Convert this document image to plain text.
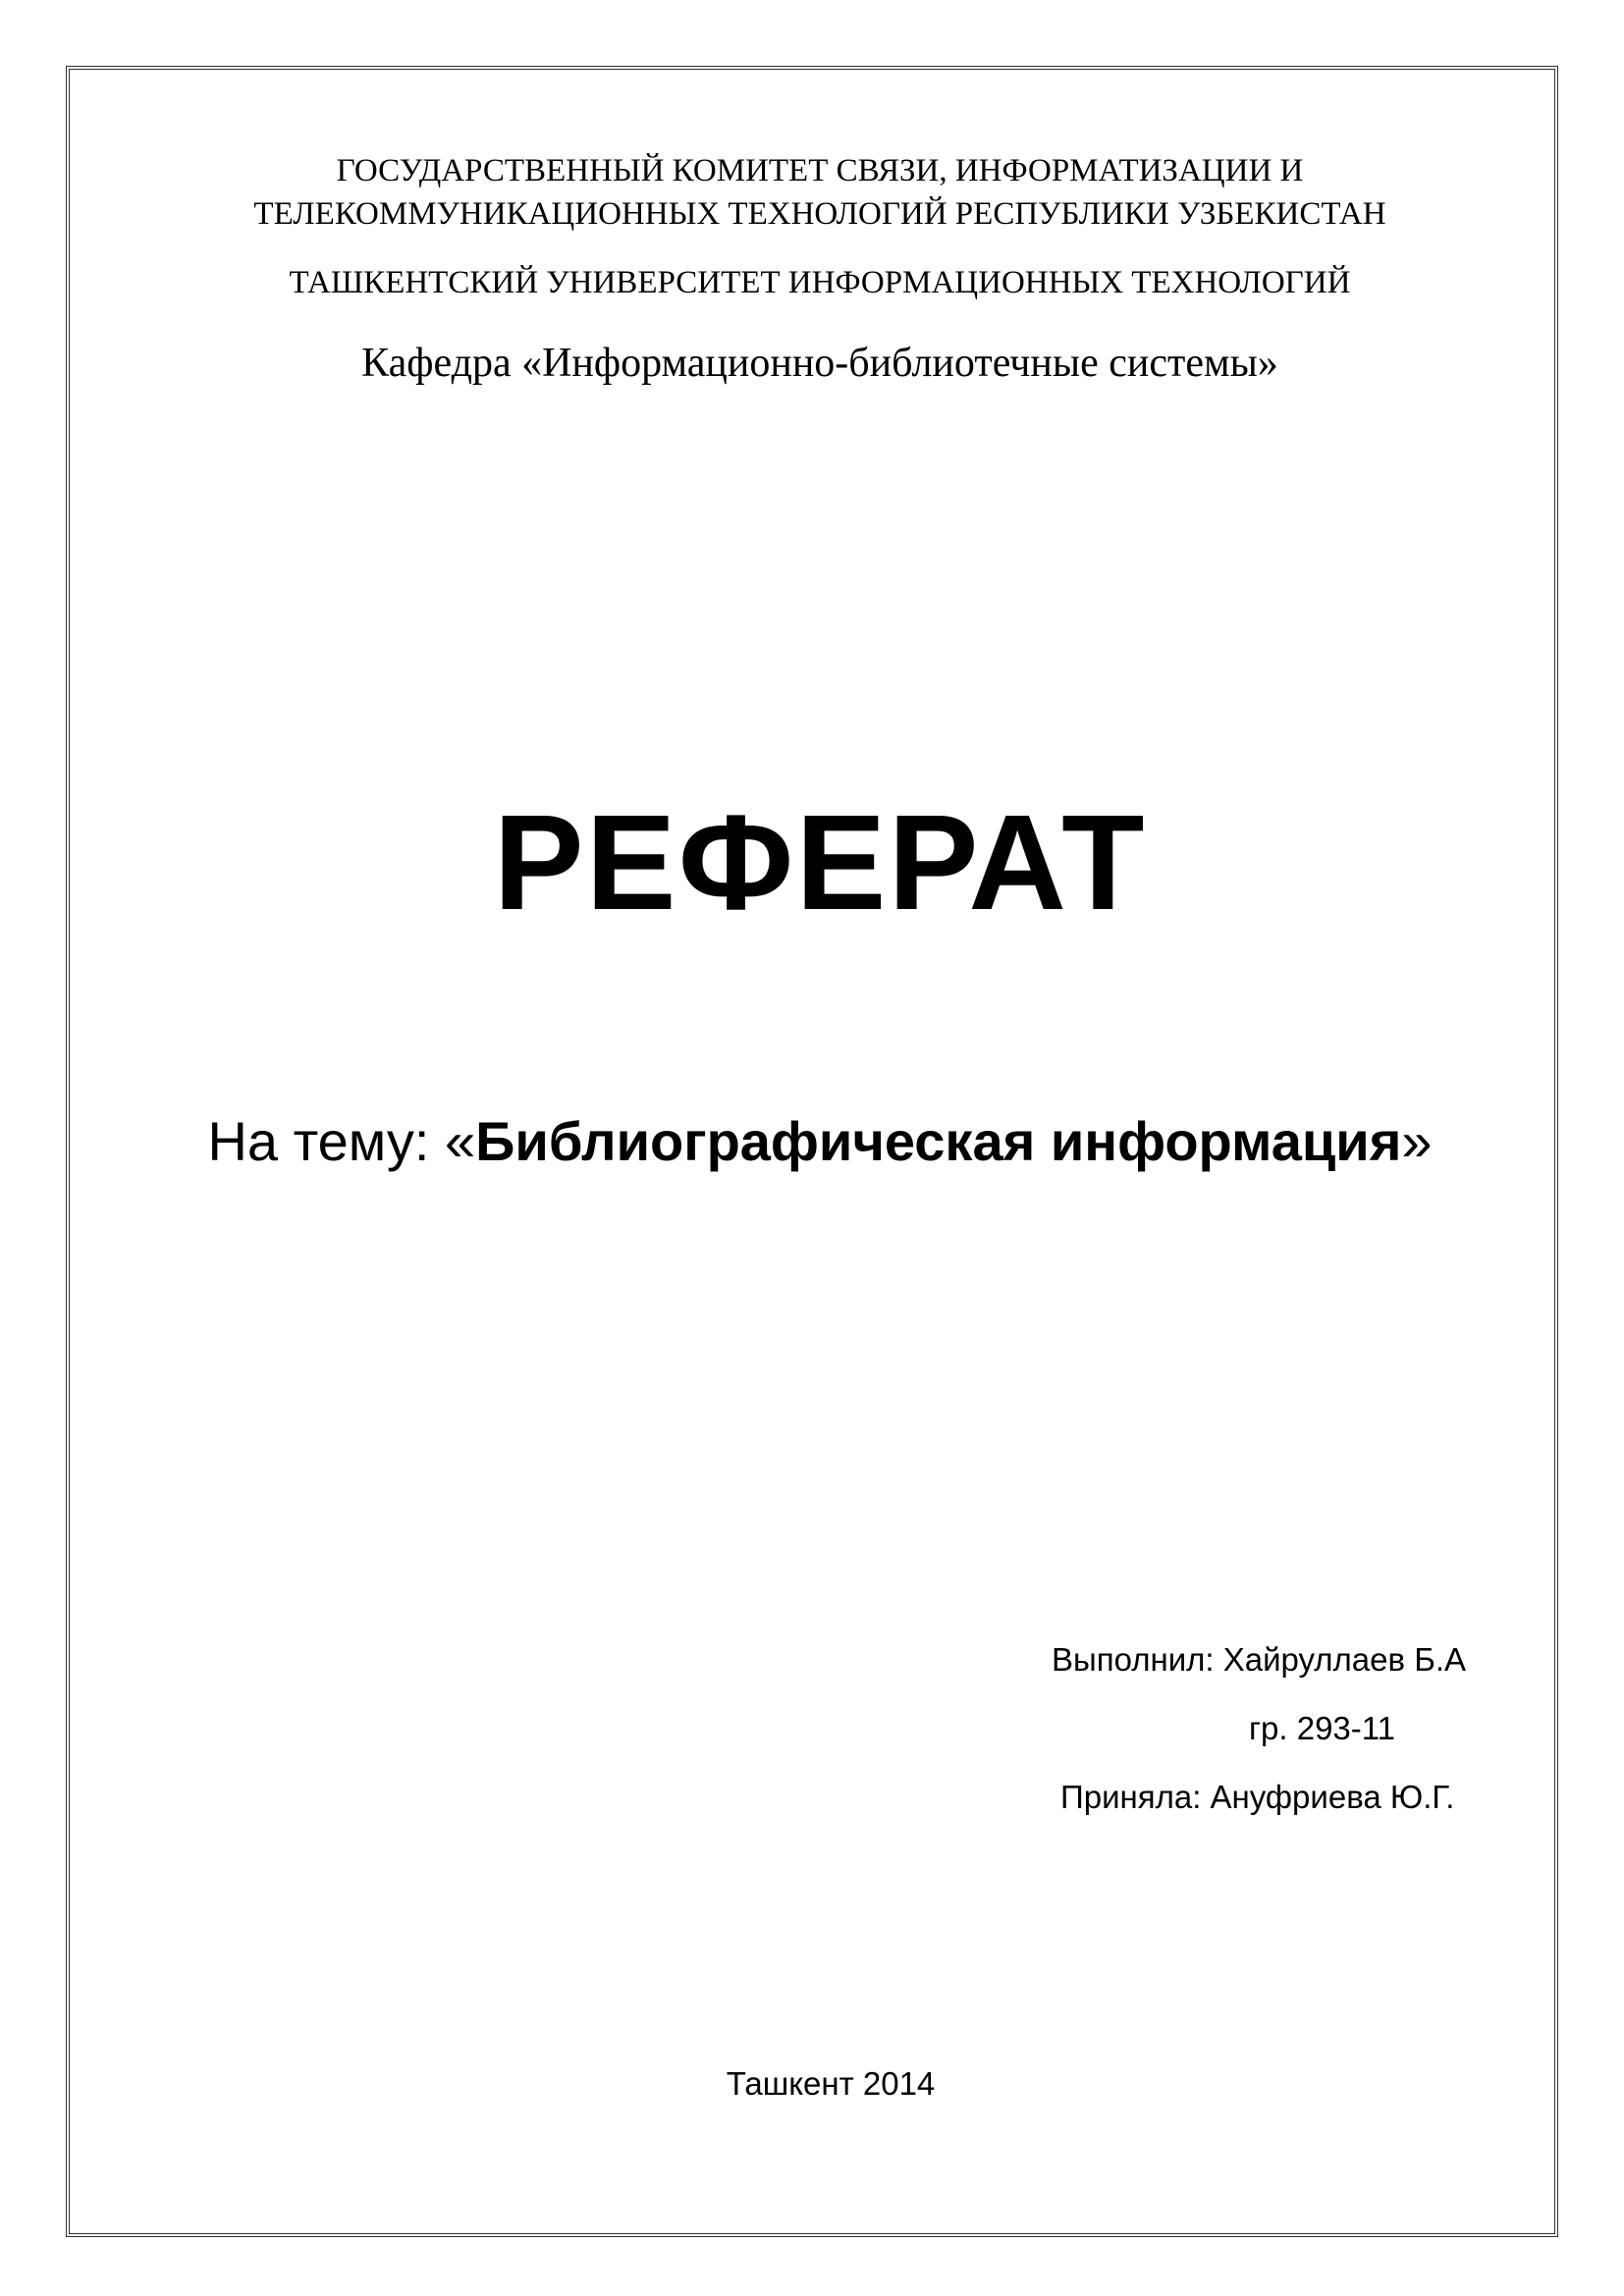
ГОСУДАРСТВЕННЫЙ КОМИТЕТ СВЯЗИ, ИНФОРМАТИЗАЦИИ И
ТЕЛЕКОММУНИКАЦИОННЫХ ТЕХНОЛОГИЙ РЕСПУБЛИКИ УЗБЕКИСТАН
ТАШКЕНТСКИЙ УНИВЕРСИТЕТ ИНФОРМАЦИОННЫХ ТЕХНОЛОГИЙ
Кафедра «Информационно-библиотечные системы»
РЕФЕРАТ
На тему: «Библиографическая информация»
Выполнил: Хайруллаев Б.А
гр. 293-11
Приняла: Ануфриева Ю.Г.
Ташкент 2014
